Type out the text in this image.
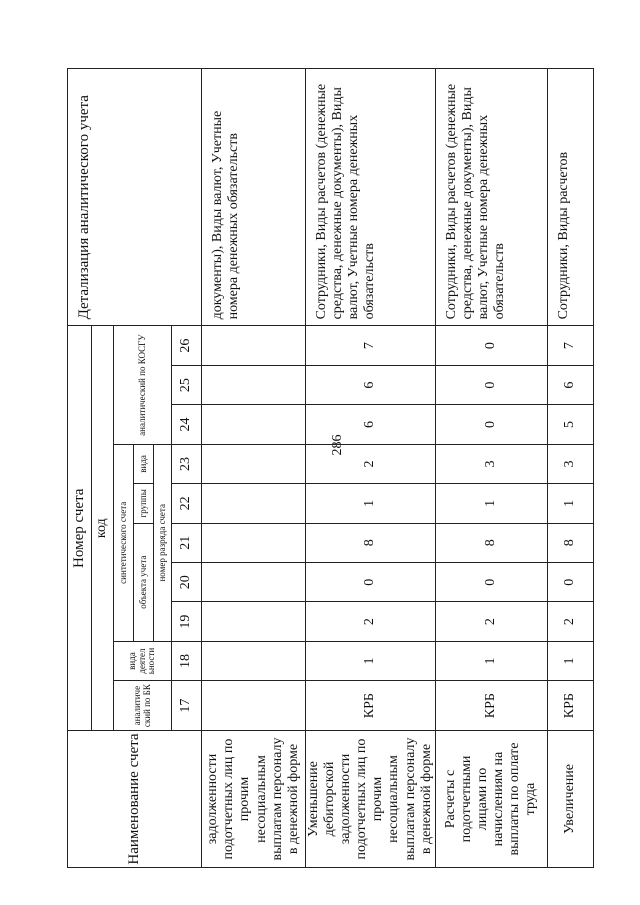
286
Наименование счета	Номер счета										Детализация аналитического учета
	код										
	аналитиче ский по БК	вида деятел ьности	синтетического счета					аналитический по КОСГУ			
			объекта учета			группы	вида				
			номер разряда счета								
	17	18	19	20	21	22	23	24	25	26	
задолженности подотчетных лиц по прочим несоциальным выплатам персоналу в денежной форме											документы), Виды валют, Учетные номера денежных обязательств
Уменьшение дебиторской задолженности подотчетных лиц по прочим несоциальным выплатам персоналу в денежной форме	КРБ	1	2	0	8	1	2	6	6	7	Сотрудники, Виды расчетов (денежные средства, денежные документы), Виды валют, Учетные номера денежных обязательств
Расчеты с подотчетными лицами по начислениям на выплаты по оплате труда	КРБ	1	2	0	8	1	3	0	0	0	Сотрудники, Виды расчетов (денежные средства, денежные документы), Виды валют, Учетные номера денежных обязательств
Увеличение	КРБ	1	2	0	8	1	3	5	6	7	Сотрудники, Виды расчетов
